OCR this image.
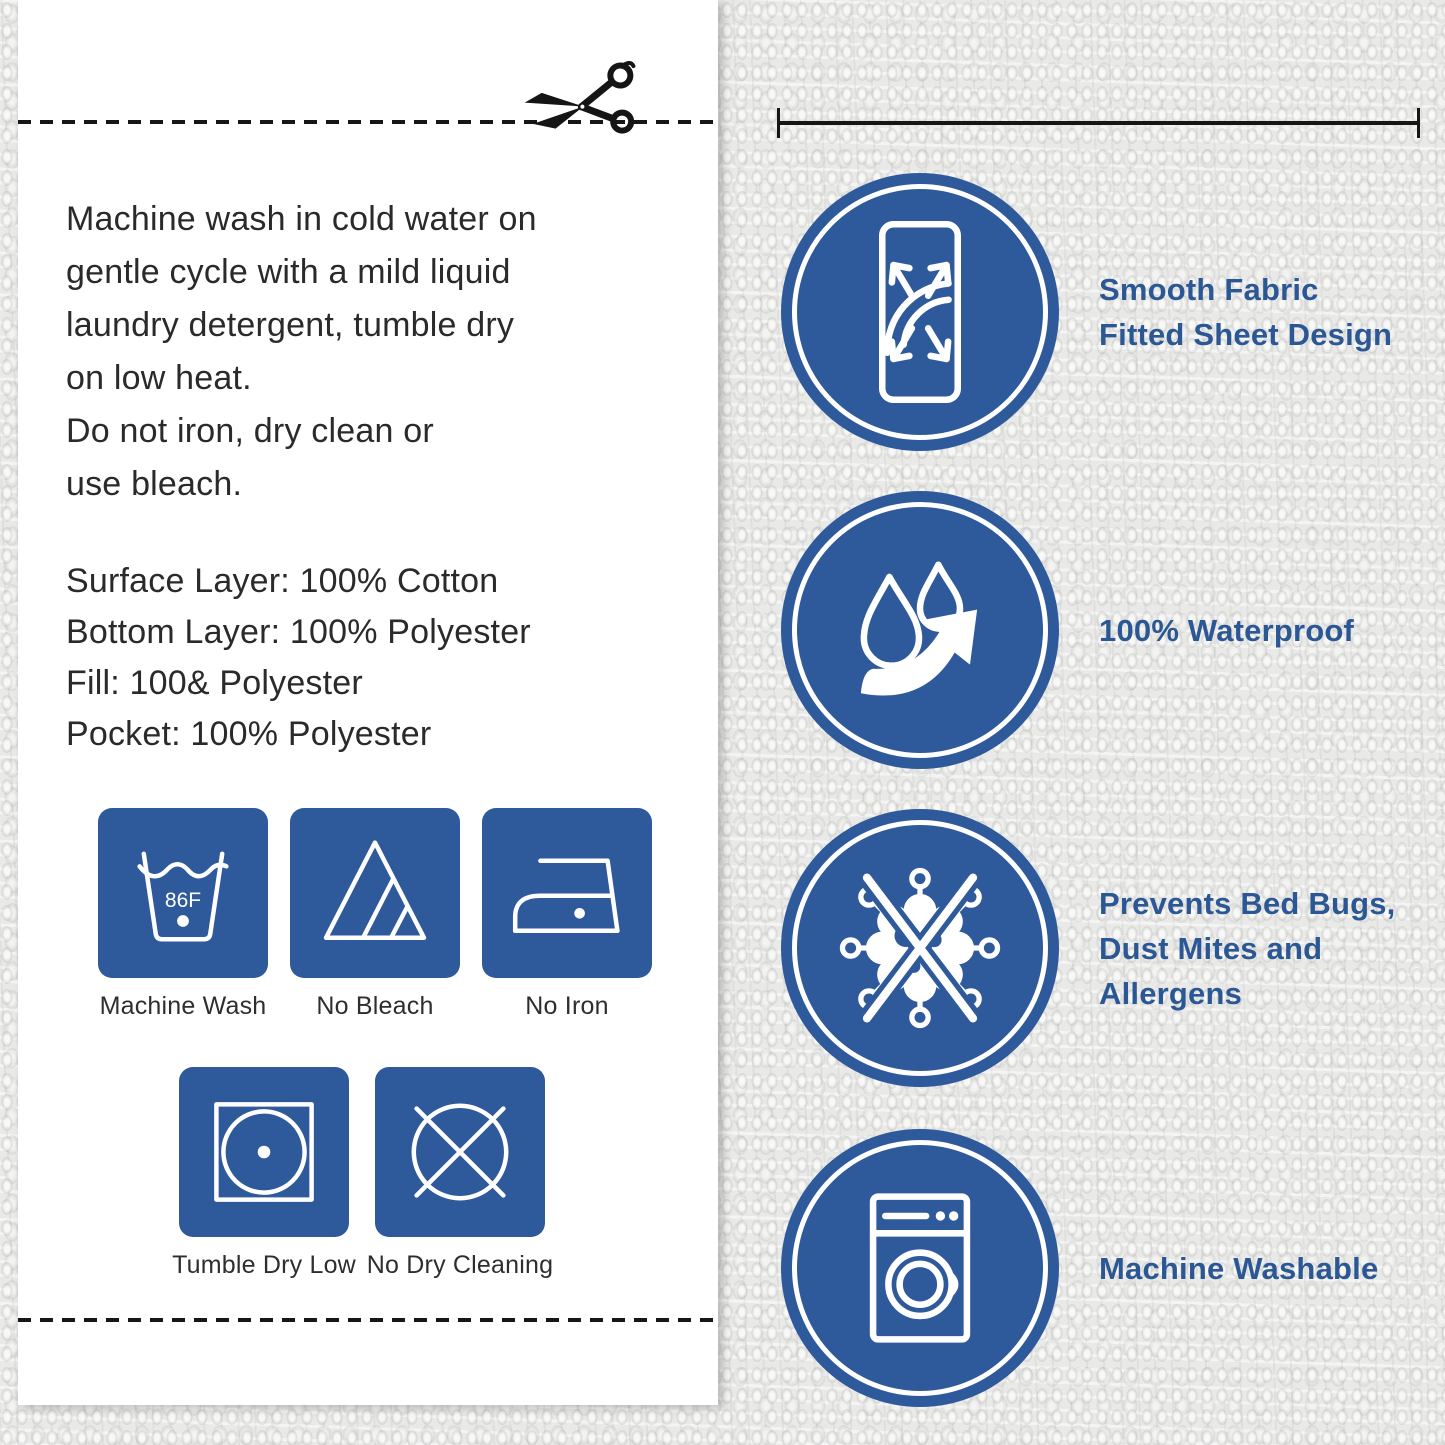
Machine wash in cold water on
gentle cycle with a mild liquid
laundry detergent, tumble dry
on low heat.
Do not iron, dry clean or
use bleach.
Surface Layer: 100% Cotton
Bottom Layer: 100% Polyester
Fill: 100& Polyester
Pocket: 100% Polyester
86F
Machine Wash	No Bleach	No Iron
Tumble Dry Low No Dry Cleaning
Smooth Fabric
Fitted Sheet Design
100% Waterproof
Prevents Bed Bugs,
Dust Mites and
Allergens
Machine Washable
